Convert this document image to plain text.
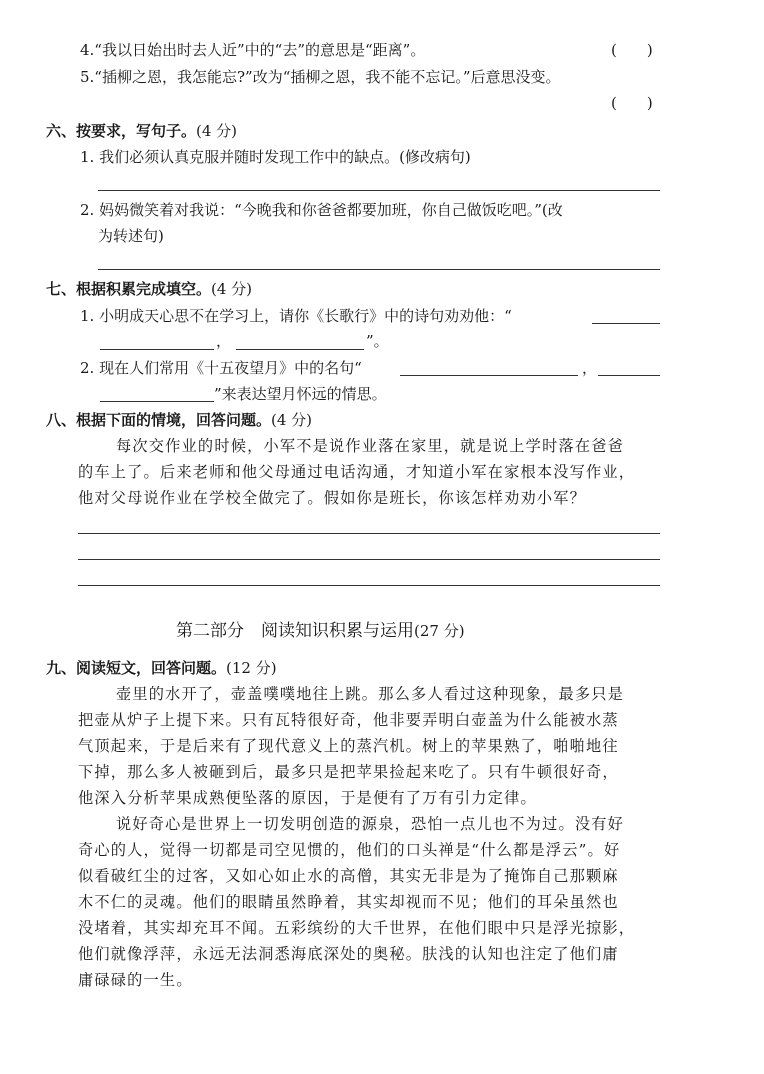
4.“我以日始出时去人近”中的“去”的意思是“距离”。	(　　)
5.“插柳之恩，我怎能忘?”改为“插柳之恩，我不能不忘记。”后意思没变。
(　　)
六、按要求，写句子。(4 分)
1. 我们必须认真克服并随时发现工作中的缺点。(修改病句)
2. 妈妈微笑着对我说：“今晚我和你爸爸都要加班，你自己做饭吃吧。”(改
为转述句)
七、根据积累完成填空。(4 分)
1. 小明成天心思不在学习上，请你《长歌行》中的诗句劝劝他：“
，	”。
2. 现在人们常用《十五夜望月》中的名句“	，
”来表达望月怀远的情思。
八、根据下面的情境，回答问题。(4 分)
每次交作业的时候，小军不是说作业落在家里，就是说上学时落在爸爸
的车上了。后来老师和他父母通过电话沟通，才知道小军在家根本没写作业，
他对父母说作业在学校全做完了。假如你是班长，你该怎样劝劝小军？
第二部分　阅读知识积累与运用(27 分)
九、阅读短文，回答问题。(12 分)
壶里的水开了，壶盖噗噗地往上跳。那么多人看过这种现象，最多只是
把壶从炉子上提下来。只有瓦特很好奇，他非要弄明白壶盖为什么能被水蒸
气顶起来，于是后来有了现代意义上的蒸汽机。树上的苹果熟了，啪啪地往
下掉，那么多人被砸到后，最多只是把苹果捡起来吃了。只有牛顿很好奇，
他深入分析苹果成熟便坠落的原因，于是便有了万有引力定律。
说好奇心是世界上一切发明创造的源泉，恐怕一点儿也不为过。没有好
奇心的人，觉得一切都是司空见惯的，他们的口头禅是“什么都是浮云”。好
似看破红尘的过客，又如心如止水的高僧，其实无非是为了掩饰自己那颗麻
木不仁的灵魂。他们的眼睛虽然睁着，其实却视而不见；他们的耳朵虽然也
没堵着，其实却充耳不闻。五彩缤纷的大千世界，在他们眼中只是浮光掠影，
他们就像浮萍，永远无法洞悉海底深处的奥秘。肤浅的认知也注定了他们庸
庸碌碌的一生。
